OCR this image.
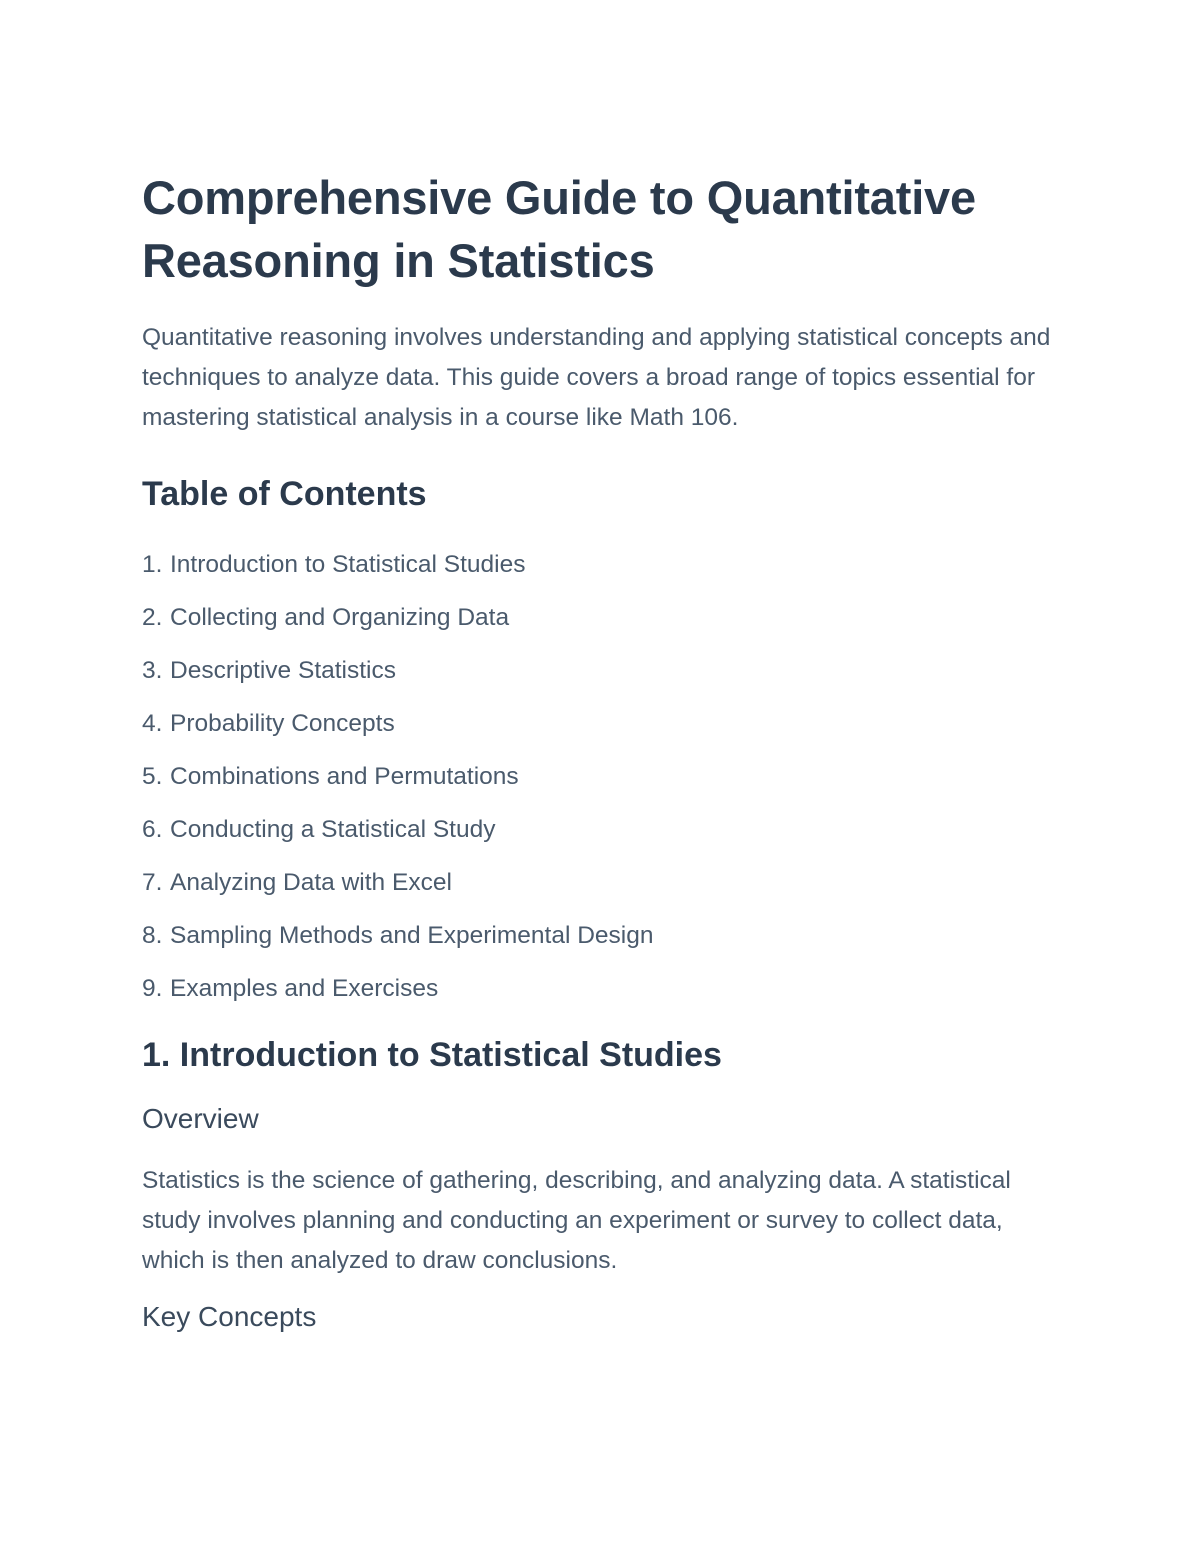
Comprehensive Guide to Quantitative Reasoning in Statistics

Quantitative reasoning involves understanding and applying statistical concepts and techniques to analyze data. This guide covers a broad range of topics essential for mastering statistical analysis in a course like Math 106.

Table of Contents
1. Introduction to Statistical Studies
2. Collecting and Organizing Data
3. Descriptive Statistics
4. Probability Concepts
5. Combinations and Permutations
6. Conducting a Statistical Study
7. Analyzing Data with Excel
8. Sampling Methods and Experimental Design
9. Examples and Exercises
1. Introduction to Statistical Studies
Overview

Statistics is the science of gathering, describing, and analyzing data. A statistical study involves planning and conducting an experiment or survey to collect data, which is then analyzed to draw conclusions.

Key Concepts
